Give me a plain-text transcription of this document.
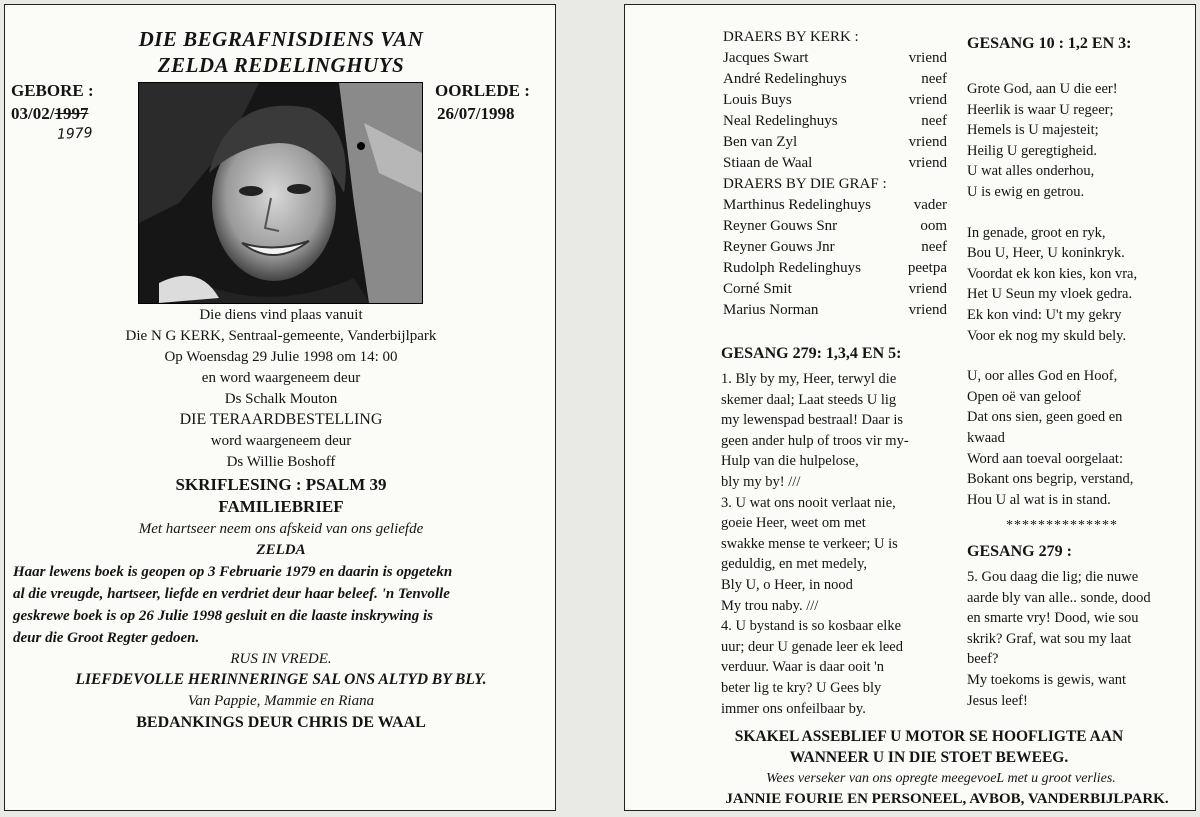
DIE BEGRAFNISDIENS VAN
ZELDA REDELINGHUYS
GEBORE :
03/02/1997
1979
OORLEDE :
26/07/1998
Die diens vind plaas vanuit
Die N G KERK, Sentraal-gemeente, Vanderbijlpark
Op Woensdag 29 Julie 1998 om 14: 00
en word waargeneem deur
Ds Schalk Mouton
DIE TERAARDBESTELLING
word waargeneem deur
Ds Willie Boshoff
SKRIFLESING : PSALM 39
FAMILIEBRIEF
Met hartseer neem ons afskeid van ons geliefde
ZELDA
Haar lewens boek is geopen op 3 Februarie 1979 en daarin is opgetekn
al die vreugde, hartseer, liefde en verdriet deur haar beleef. 'n Tenvolle
geskrewe boek is op 26 Julie 1998 gesluit en die laaste inskrywing is
deur die Groot Regter gedoen.
RUS IN VREDE.
LIEFDEVOLLE HERINNERINGE SAL ONS ALTYD BY BLY.
Van Pappie, Mammie en Riana
BEDANKINGS DEUR CHRIS DE WAAL
DRAERS BY KERK :
Jacques Swart	vriend
André Redelinghuys	neef
Louis Buys	vriend
Neal Redelinghuys	neef
Ben van Zyl	vriend
Stiaan de Waal	vriend
DRAERS BY DIE GRAF :
Marthinus Redelinghuys	vader
Reyner Gouws Snr	oom
Reyner Gouws Jnr	neef
Rudolph Redelinghuys	peetpa
Corné Smit	vriend
Marius Norman	vriend
GESANG 279: 1,3,4 EN 5:
1. Bly by my, Heer, terwyl die
skemer daal; Laat steeds U lig
my lewenspad bestraal! Daar is
geen ander hulp of troos vir my-
Hulp van die hulpelose,
bly my by! ///
3. U wat ons nooit verlaat nie,
goeie Heer, weet om met
swakke mense te verkeer; U is
geduldig, en met medely,
Bly U, o Heer, in nood
My trou naby. ///
4. U bystand is so kosbaar elke
uur; deur U genade leer ek leed
verduur. Waar is daar ooit 'n
beter lig te kry? U Gees bly
immer ons onfeilbaar by.
GESANG 10 : 1,2 EN 3:
Grote God, aan U die eer!
Heerlik is waar U regeer;
Hemels is U majesteit;
Heilig U geregtigheid.
U wat alles onderhou,
U is ewig en getrou.
In genade, groot en ryk,
Bou U, Heer, U koninkryk.
Voordat ek kon kies, kon vra,
Het U Seun my vloek gedra.
Ek kon vind: U't my gekry
Voor ek nog my skuld bely.
U, oor alles God en Hoof,
Open oë van geloof
Dat ons sien, geen goed en
kwaad
Word aan toeval oorgelaat:
Bokant ons begrip, verstand,
Hou U al wat is in stand.
**************
GESANG 279 :
5. Gou daag die lig; die nuwe
aarde bly van alle.. sonde, dood
en smarte vry! Dood, wie sou
skrik? Graf, wat sou my laat
beef?
My toekoms is gewis, want
Jesus leef!
SKAKEL ASSEBLIEF U MOTOR SE HOOFLIGTE AAN
WANNEER U IN DIE STOET BEWEEG.
Wees verseker van ons opregte meegevoeL met u groot verlies.
JANNIE FOURIE EN PERSONEEL, AVBOB, VANDERBIJLPARK.
